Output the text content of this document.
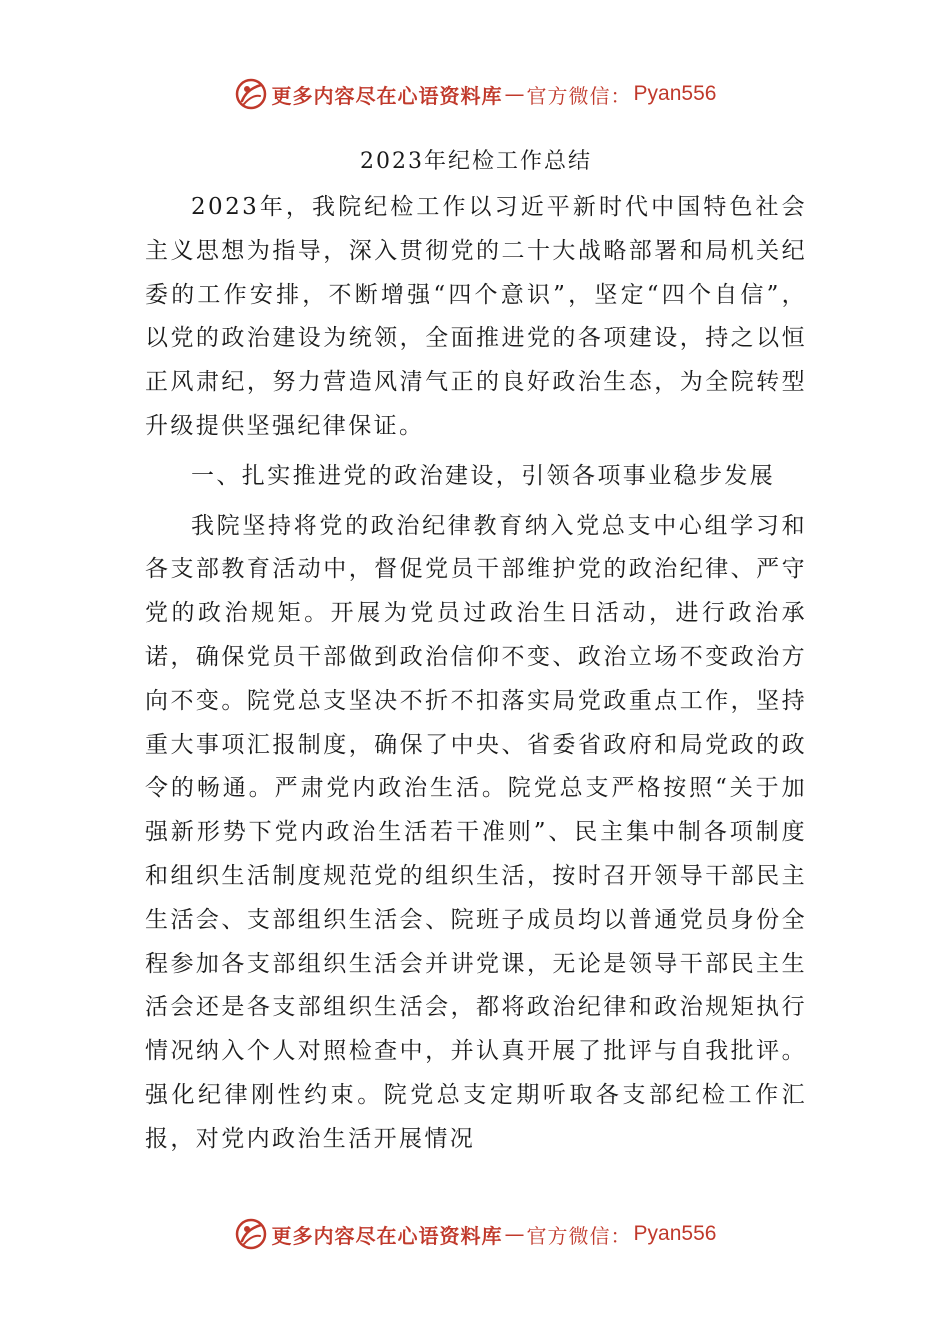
更多内容尽在心语资料库 — 官方微信： Pyan556
2023年纪检工作总结

2023年，我院纪检工作以习近平新时代中国特色社会主义思想为指导，深入贯彻党的二十大战略部署和局机关纪委的工作安排，不断增强“四个意识”，坚定“四个自信”，以党的政治建设为统领，全面推进党的各项建设，持之以恒正风肃纪，努力营造风清气正的良好政治生态，为全院转型升级提供坚强纪律保证。

一、扎实推进党的政治建设，引领各项事业稳步发展

我院坚持将党的政治纪律教育纳入党总支中心组学习和各支部教育活动中，督促党员干部维护党的政治纪律、严守党的政治规矩。开展为党员过政治生日活动，进行政治承诺，确保党员干部做到政治信仰不变、政治立场不变政治方向不变。院党总支坚决不折不扣落实局党政重点工作，坚持重大事项汇报制度，确保了中央、省委省政府和局党政的政令的畅通。严肃党内政治生活。院党总支严格按照“关于加强新形势下党内政治生活若干准则”、民主集中制各项制度和组织生活制度规范党的组织生活，按时召开领导干部民主生活会、支部组织生活会、院班子成员均以普通党员身份全程参加各支部组织生活会并讲党课，无论是领导干部民主生活会还是各支部组织生活会，都将政治纪律和政治规矩执行情况纳入个人对照检查中，并认真开展了批评与自我批评。强化纪律刚性约束。院党总支定期听取各支部纪检工作汇报，对党内政治生活开展情况

更多内容尽在心语资料库 — 官方微信： Pyan556
